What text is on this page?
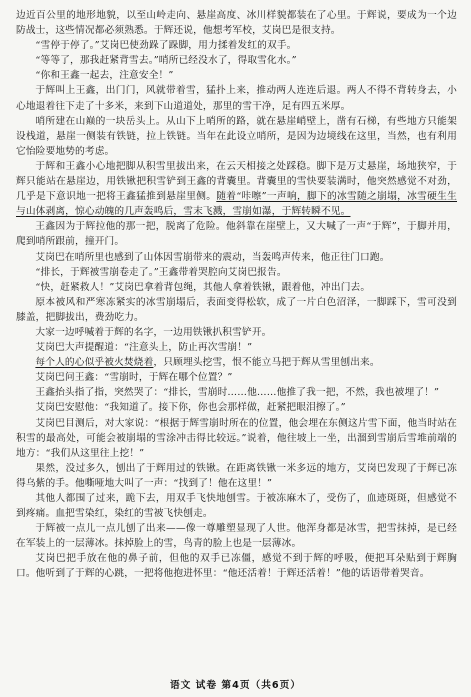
边近百公里的地形地貌，以至山岭走向、悬崖高度、冰川样貌都装在了心里。于辉说，要成为一个边防战士，这些情况都必须熟悉。于辉还说，他想考军校，艾岗巴是很支持。

“雪停于停了。”艾岗巴使劲跺了跺脚，用力揉着发红的双手。

“等等了，那我赶紧背雪去。”哨所已经没水了，得取雪化水。”

“你和王鑫一起去，注意安全！”

于辉叫上王鑫，出门门，风就带着雪，猛扑上来，推动两人连连后退。两人不得不背转身去，小心地退着往下走了十多米，来到下山道道处，那里的雪干净，足有四五米厚。

哨所建在山巅的一块岳头上。从山下上哨所的路，就在悬崖峭壁上，凿有石梯，有些地方只能架设栈道，悬崖一侧装有铁链，拉上铁链。当年在此设立哨所，是因为边境线在这里，当然，也有利用它怡险要地势的考虑。

于辉和王鑫小心地把脚从积雪里拔出来，在云天相接之处踩稳。脚下是万丈悬崖，场地狭窄，于辉只能站在悬崖边，用铁锹把积雪铲到王鑫的背囊里。背囊里的雪快要装满时，他突然感觉不对劲，几乎是下意识地一把将王鑫猛推到悬崖里侧。随着“咔嚓”一声响，脚下的冰雪随之崩塌，冰雪硬生生与山体剥离，惊心动魄的几声轰鸣后，雪末飞溅，雪崩如瀑，于辉转瞬不见。

王鑫因为于辉拉他的那一把，脱离了危险。他斜靠在崖壁上，又大喊了一声“于辉”，于脚并用，爬到哨所跟前，撞开门。

艾岗巴在哨所里也感到了山体因雪崩带来的震动，当轰鸣声传来，他正往门口跑。

“排长，于辉被雪崩卷走了。”王鑫带着哭腔向艾岗巴报告。

“快，赶紧救人！”艾岗巴拿着背包绳，其他人拿着铁锹，跟着他，冲出门去。

原本被风和严寒冻紧实的冰雪崩塌后，表面变得松软，成了一片白色沼泽，一脚踩下，雪可没到膝盖，把脚拔出，费劲吃力。

大家一边呼喊着于辉的名字，一边用铁锹扒积雪铲开。

艾岗巴大声提醒道：“注意头上，防止再次雪崩！”

每个人的心似乎被火焚烧着，只顾埋头挖雪，恨不能立马把于辉从雪里刨出来。

艾岗巴问王鑫：“雪崩时，于辉在哪个位置？”

王鑫抬头指了指，突然哭了：“排长，雪崩时……他……他推了我一把，不然，我也被埋了！”

艾岗巴安慰他：“我知道了。接下你，你也会那样做，赶紧把眼泪擦了。”

艾岗巴目测后，对大家说：“根据于辉雪崩时所在的位置，他会埋在东侧这片雪下面，他当时站在积雪的最高处，可能会被崩塌的雪涂冲击得比较远。”说着，他往坡上一坐，出溜到雪崩后雪堆前端的地方：“我们从这里往上挖！”

果然，没过多久，刨出了于辉用过的铁锹。在距离铁锹一米多远的地方，艾岗巴发现了于辉已冻得乌紫的手。他嘶哑地大叫了一声：“找到了！他在这里！”

其他人都围了过来，跪下去，用双手飞快地刨雪。于被冻麻木了，受伤了，血迹斑斑，但感觉不到疼痛。血把雪染红，染红的雪被飞快刨走。

于辉被一点儿一点儿刨了出来——像一尊雕塑显现了人世。他浑身都是冰雪，把雪抹掉，是已经在军装上的一层薄冰。抹掉脸上的雪，鸟青的脸上也是一层薄冰。

艾岗巴把手放在他的鼻子前，但他的双手已冻僵，感觉不到于辉的呼吸，便把耳朵贴到于辉胸口。他听到了于辉的心跳，一把将他抱进怀里：“他还活着！于辉还活着！”他的话语带着哭音。

语文 试卷 第4页（共6页）
